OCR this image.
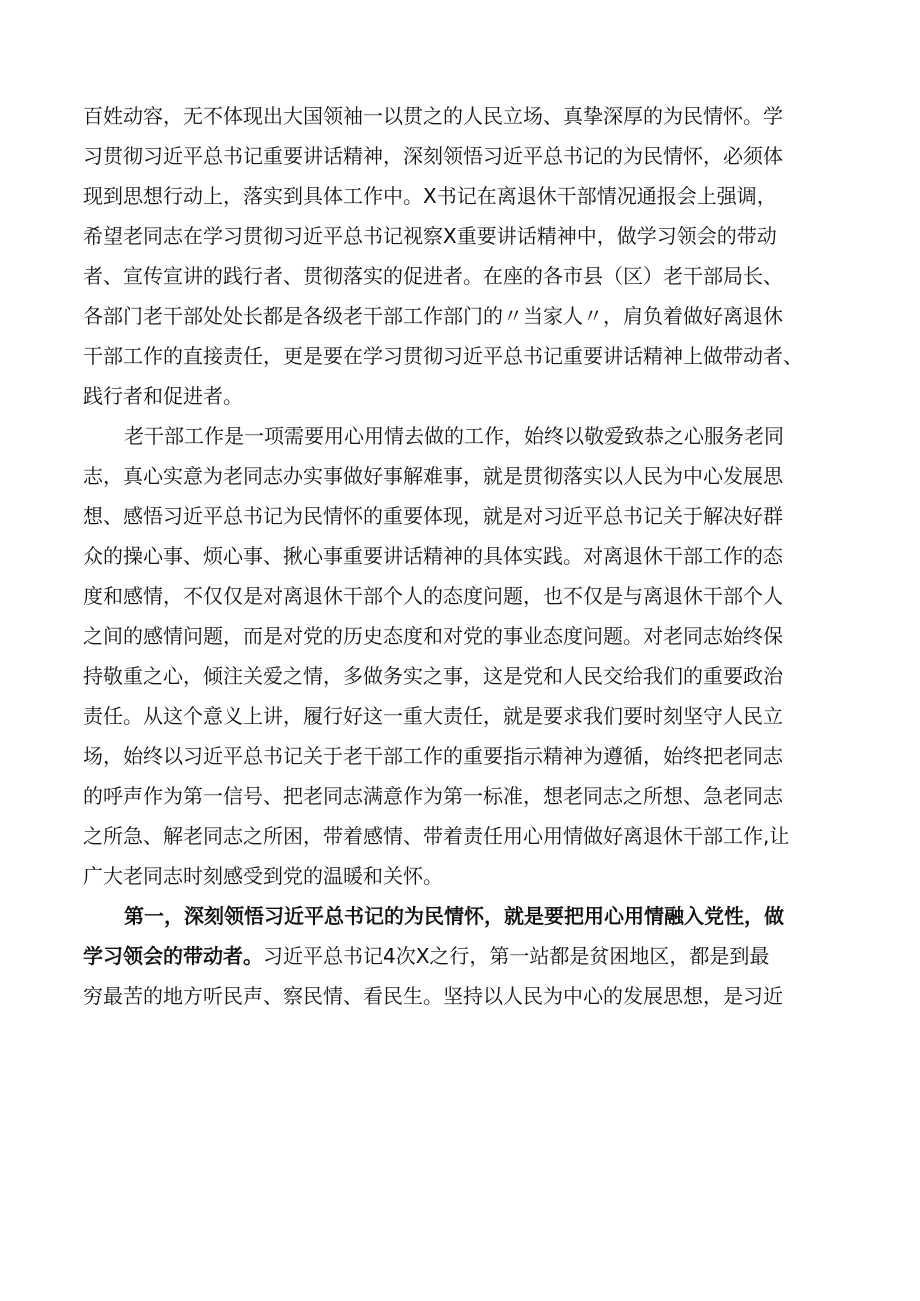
百姓动容，无不体现出大国领袖一以贯之的人民立场、真挚深厚的为民情怀。学
习贯彻习近平总书记重要讲话精神，深刻领悟习近平总书记的为民情怀，必须体
现到思想行动上，落实到具体工作中。X书记在离退休干部情况通报会上强调，
希望老同志在学习贯彻习近平总书记视察X重要讲话精神中，做学习领会的带动
者、宣传宣讲的践行者、贯彻落实的促进者。在座的各市县（区）老干部局长、
各部门老干部处处长都是各级老干部工作部门的〃当家人〃，肩负着做好离退休
干部工作的直接责任，更是要在学习贯彻习近平总书记重要讲话精神上做带动者、
践行者和促进者。
老干部工作是一项需要用心用情去做的工作，始终以敬爱致恭之心服务老同
志，真心实意为老同志办实事做好事解难事，就是贯彻落实以人民为中心发展思
想、感悟习近平总书记为民情怀的重要体现，就是对习近平总书记关于解决好群
众的操心事、烦心事、揪心事重要讲话精神的具体实践。对离退休干部工作的态
度和感情，不仅仅是对离退休干部个人的态度问题，也不仅是与离退休干部个人
之间的感情问题，而是对党的历史态度和对党的事业态度问题。对老同志始终保
持敬重之心，倾注关爱之情，多做务实之事，这是党和人民交给我们的重要政治
责任。从这个意义上讲，履行好这一重大责任，就是要求我们要时刻坚守人民立
场，始终以习近平总书记关于老干部工作的重要指示精神为遵循，始终把老同志
的呼声作为第一信号、把老同志满意作为第一标准，想老同志之所想、急老同志
之所急、解老同志之所困，带着感情、带着责任用心用情做好离退休干部工作,让
广大老同志时刻感受到党的温暖和关怀。
第一，深刻领悟习近平总书记的为民情怀，就是要把用心用情融入党性，做
学习领会的带动者。习近平总书记4次X之行，第一站都是贫困地区，都是到最
穷最苦的地方听民声、察民情、看民生。坚持以人民为中心的发展思想，是习近
